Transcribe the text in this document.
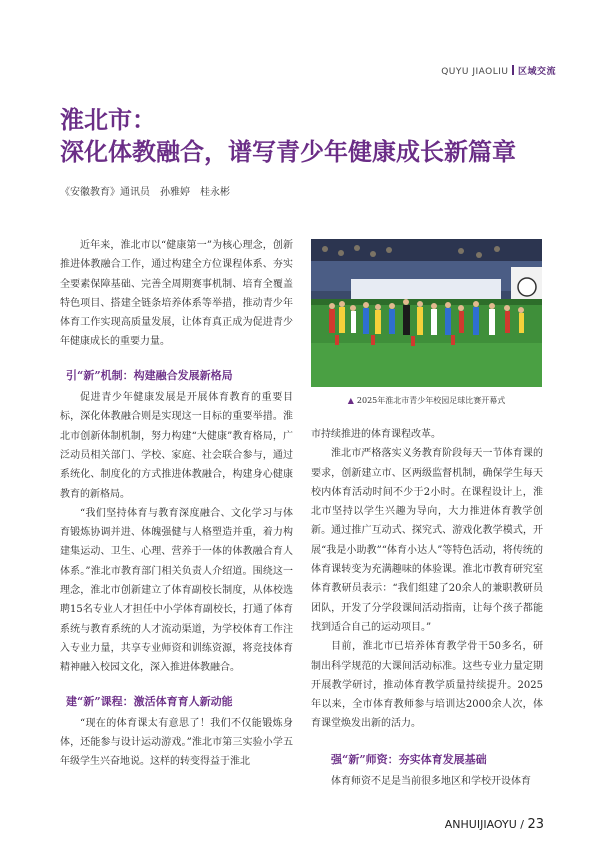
QUYU JIAOLIU 区域交流
淮北市：
深化体教融合，谱写青少年健康成长新篇章
《安徽教育》通讯员　孙雅婷　桂永彬

近年来，淮北市以“健康第一”为核心理念，创新推进体教融合工作，通过构建全方位课程体系、夯实全要素保障基础、完善全周期赛事机制、培育全覆盖特色项目、搭建全链条培养体系等举措，推动青少年体育工作实现高质量发展，让体育真正成为促进青少年健康成长的重要力量。

引“新”机制：构建融合发展新格局

促进青少年健康发展是开展体育教育的重要目标，深化体教融合则是实现这一目标的重要举措。淮北市创新体制机制，努力构建“大健康”教育格局，广泛动员相关部门、学校、家庭、社会联合参与，通过系统化、制度化的方式推进体教融合，构建身心健康教育的新格局。

“我们坚持体育与教育深度融合、文化学习与体育锻炼协调并进、体魄强健与人格塑造并重，着力构建集运动、卫生、心理、营养于一体的体教融合育人体系。”淮北市教育部门相关负责人介绍道。围绕这一理念，淮北市创新建立了体育副校长制度，从体校选聘15名专业人才担任中小学体育副校长，打通了体育系统与教育系统的人才流动渠道，为学校体育工作注入专业力量，共享专业师资和训练资源，将竞技体育精神融入校园文化，深入推进体教融合。

建“新”课程：激活体育育人新动能

“现在的体育课太有意思了！我们不仅能锻炼身体，还能参与设计运动游戏。”淮北市第三实验小学五年级学生兴奋地说。这样的转变得益于淮北

▲ 2025年淮北市青少年校园足球比赛开幕式

市持续推进的体育课程改革。

淮北市严格落实义务教育阶段每天一节体育课的要求，创新建立市、区两级监督机制，确保学生每天校内体育活动时间不少于2小时。在课程设计上，淮北市坚持以学生兴趣为导向，大力推进体育教学创新。通过推广互动式、探究式、游戏化教学模式，开展“我是小助教”“体育小达人”等特色活动，将传统的体育课转变为充满趣味的体验课。淮北市教育研究室体育教研员表示：“我们组建了20余人的兼职教研员团队，开发了分学段课间活动指南，让每个孩子都能找到适合自己的运动项目。”

目前，淮北市已培养体育教学骨干50多名，研制出科学规范的大课间活动标准。这些专业力量定期开展教学研讨，推动体育教学质量持续提升。2025年以来，全市体育教师参与培训达2000余人次，体育课堂焕发出新的活力。

强“新”师资：夯实体育发展基础

体育师资不足是当前很多地区和学校开设体育

ANHUIJIAOYU / 23
